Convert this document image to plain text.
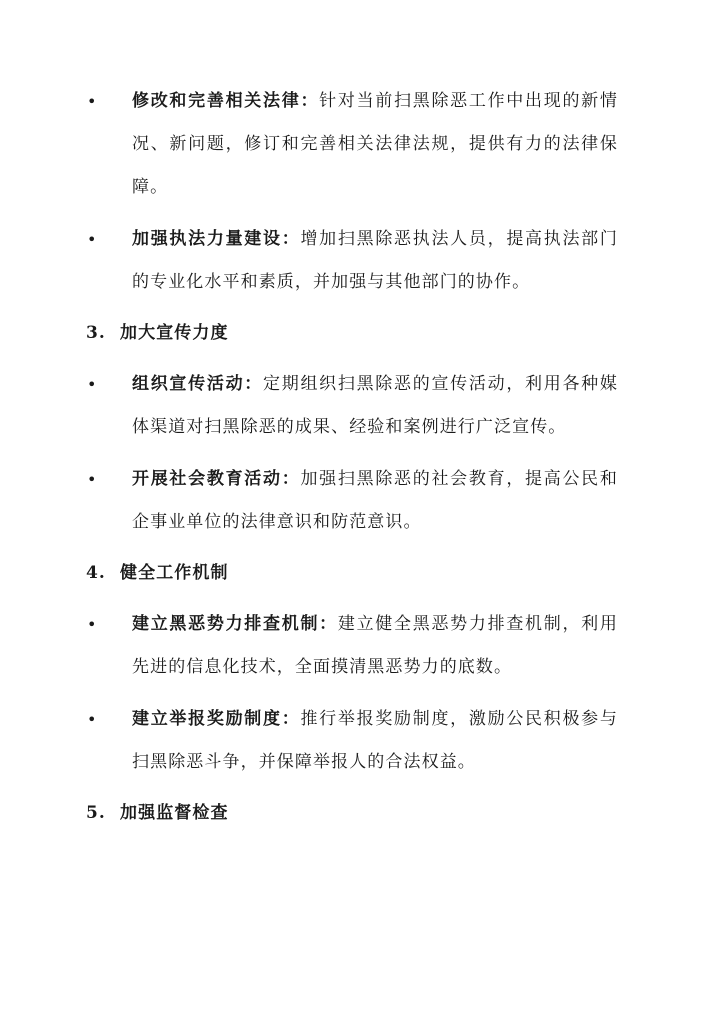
•	修改和完善相关法律：针对当前扫黑除恶工作中出现的新情况、新问题，修订和完善相关法律法规，提供有力的法律保障。
•	加强执法力量建设：增加扫黑除恶执法人员，提高执法部门的专业化水平和素质，并加强与其他部门的协作。
3. 加大宣传力度
•	组织宣传活动：定期组织扫黑除恶的宣传活动，利用各种媒体渠道对扫黑除恶的成果、经验和案例进行广泛宣传。
•	开展社会教育活动：加强扫黑除恶的社会教育，提高公民和企事业单位的法律意识和防范意识。
4. 健全工作机制
•	建立黑恶势力排查机制：建立健全黑恶势力排查机制，利用先进的信息化技术，全面摸清黑恶势力的底数。
•	建立举报奖励制度：推行举报奖励制度，激励公民积极参与扫黑除恶斗争，并保障举报人的合法权益。
5. 加强监督检查
